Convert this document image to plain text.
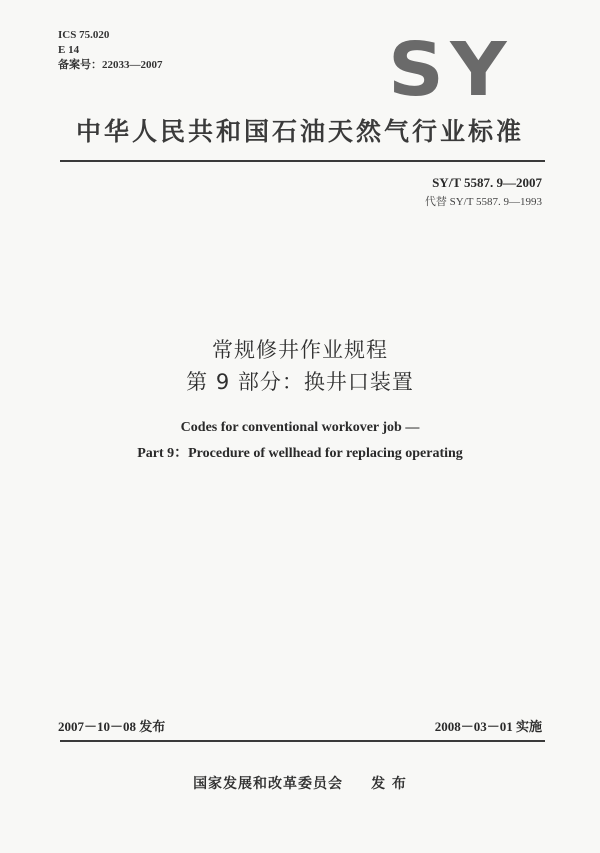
ICS 75.020
E 14
备案号：22033—2007	SY
中华人民共和国石油天然气行业标准
SY/T 5587. 9—2007
代替 SY/T 5587. 9—1993
常规修井作业规程
第 9 部分：换井口装置
Codes for conventional workover job —
Part 9：Procedure of wellhead for replacing operating
2007－10－08 发布	2008－03－01 实施
国家发展和改革委员会 发 布
